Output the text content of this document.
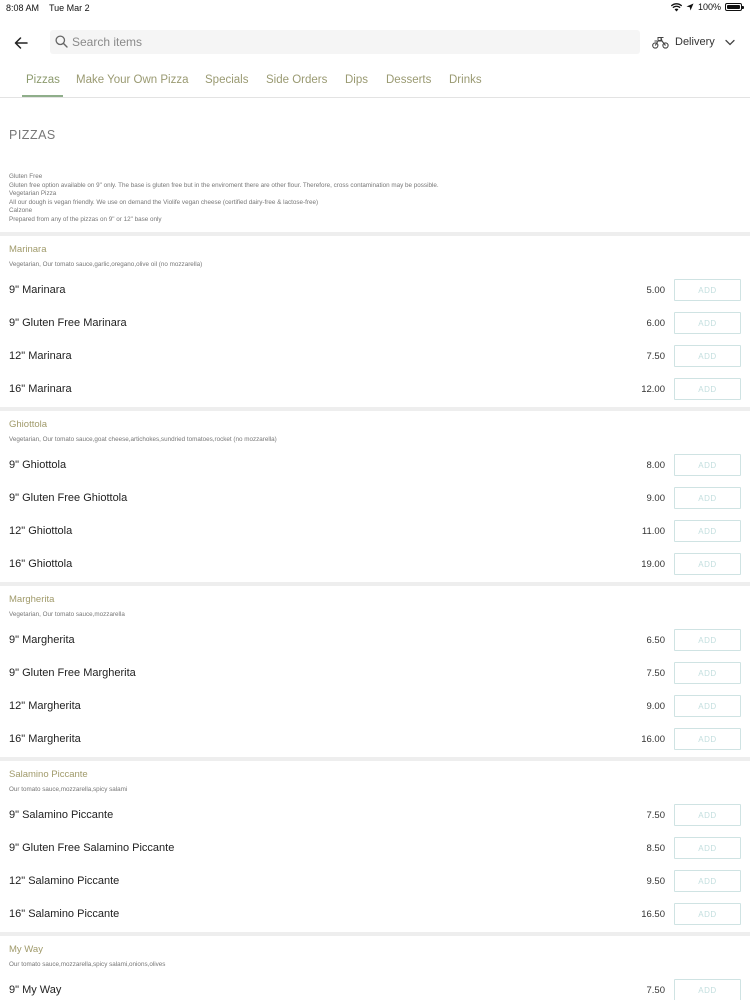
8:08 AM Tue Mar 2	100%
Search items
Delivery
Pizzas Make Your Own Pizza Specials Side Orders Dips Desserts Drinks
PIZZAS
Gluten Free
Gluten free option available on 9" only. The base is gluten free but in the enviroment there are other flour. Therefore, cross contamination may be possible.
Vegetarian Pizza
All our dough is vegan friendly. We use on demand the Violife vegan cheese (certified dairy-free & lactose-free)
Calzone
Prepared from any of the pizzas on 9" or 12" base only
Marinara
Vegetarian, Our tomato sauce,garlic,oregano,olive oil (no mozzarella)
9" Marinara	5.00	ADD
9" Gluten Free Marinara	6.00	ADD
12" Marinara	7.50	ADD
16" Marinara	12.00	ADD
Ghiottola
Vegetarian, Our tomato sauce,goat cheese,artichokes,sundried tomatoes,rocket (no mozzarella)
9" Ghiottola	8.00	ADD
9" Gluten Free Ghiottola	9.00	ADD
12" Ghiottola	11.00	ADD
16" Ghiottola	19.00	ADD
Margherita
Vegetarian, Our tomato sauce,mozzarella
9" Margherita	6.50	ADD
9" Gluten Free Margherita	7.50	ADD
12" Margherita	9.00	ADD
16" Margherita	16.00	ADD
Salamino Piccante
Our tomato sauce,mozzarella,spicy salami
9" Salamino Piccante	7.50	ADD
9" Gluten Free Salamino Piccante	8.50	ADD
12" Salamino Piccante	9.50	ADD
16" Salamino Piccante	16.50	ADD
My Way
Our tomato sauce,mozzarella,spicy salami,onions,olives
9" My Way	7.50	ADD
